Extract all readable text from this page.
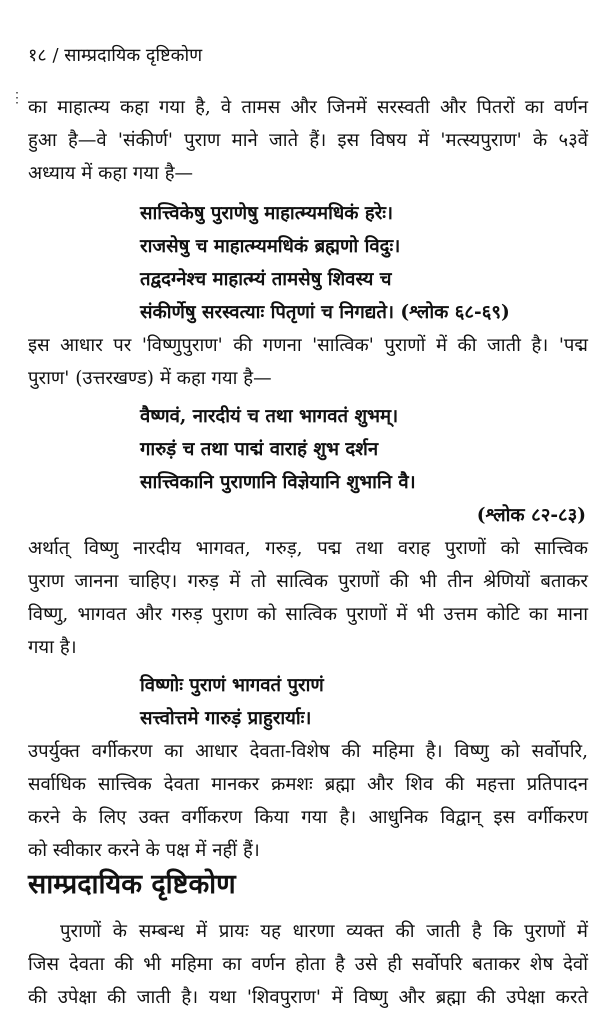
१८ / साम्प्रदायिक दृष्टिकोण
⋮ का माहात्म्य कहा गया है, वे तामस और जिनमें सरस्वती और पितरों का वर्णन
हुआ है—वे 'संकीर्ण' पुराण माने जाते हैं। इस विषय में 'मत्स्यपुराण' के ५३वें
अध्याय में कहा गया है—
सात्त्विकेषु पुराणेषु माहात्म्यमधिकं हरेः।
राजसेषु च माहात्म्यमधिकं ब्रह्मणो विदुः।
तद्वदग्नेश्च माहात्म्यं तामसेषु शिवस्य च
संकीर्णेषु सरस्वत्याः पितृणां च निगद्यते। (श्लोक ६८-६९)
इस आधार पर 'विष्णुपुराण' की गणना 'सात्विक' पुराणों में की जाती है। 'पद्म
पुराण' (उत्तरखण्ड) में कहा गया है—
वैष्णवं, नारदीयं च तथा भागवतं शुभम्।
गारुड़ं च तथा पाद्मं वाराहं शुभ दर्शन
सात्त्विकानि पुराणानि विज्ञेयानि शुभानि वै।
(श्लोक ८२-८३)
अर्थात् विष्णु नारदीय भागवत, गरुड़, पद्म तथा वराह पुराणों को सात्त्विक
पुराण जानना चाहिए। गरुड़ में तो सात्विक पुराणों की भी तीन श्रेणियों बताकर
विष्णु, भागवत और गरुड़ पुराण को सात्विक पुराणों में भी उत्तम कोटि का माना
गया है।
विष्णोः पुराणं भागवतं पुराणं
सत्त्वोत्तमे गारुड़ं प्राहुरार्याः।
उपर्युक्त वर्गीकरण का आधार देवता-विशेष की महिमा है। विष्णु को सर्वोपरि,
सर्वाधिक सात्त्विक देवता मानकर क्रमशः ब्रह्मा और शिव की महत्ता प्रतिपादन
करने के लिए उक्त वर्गीकरण किया गया है। आधुनिक विद्वान् इस वर्गीकरण
को स्वीकार करने के पक्ष में नहीं हैं।
साम्प्रदायिक दृष्टिकोण
पुराणों के सम्बन्ध में प्रायः यह धारणा व्यक्त की जाती है कि पुराणों में
जिस देवता की भी महिमा का वर्णन होता है उसे ही सर्वोपरि बताकर शेष देवों
की उपेक्षा की जाती है। यथा 'शिवपुराण' में विष्णु और ब्रह्मा की उपेक्षा करते
